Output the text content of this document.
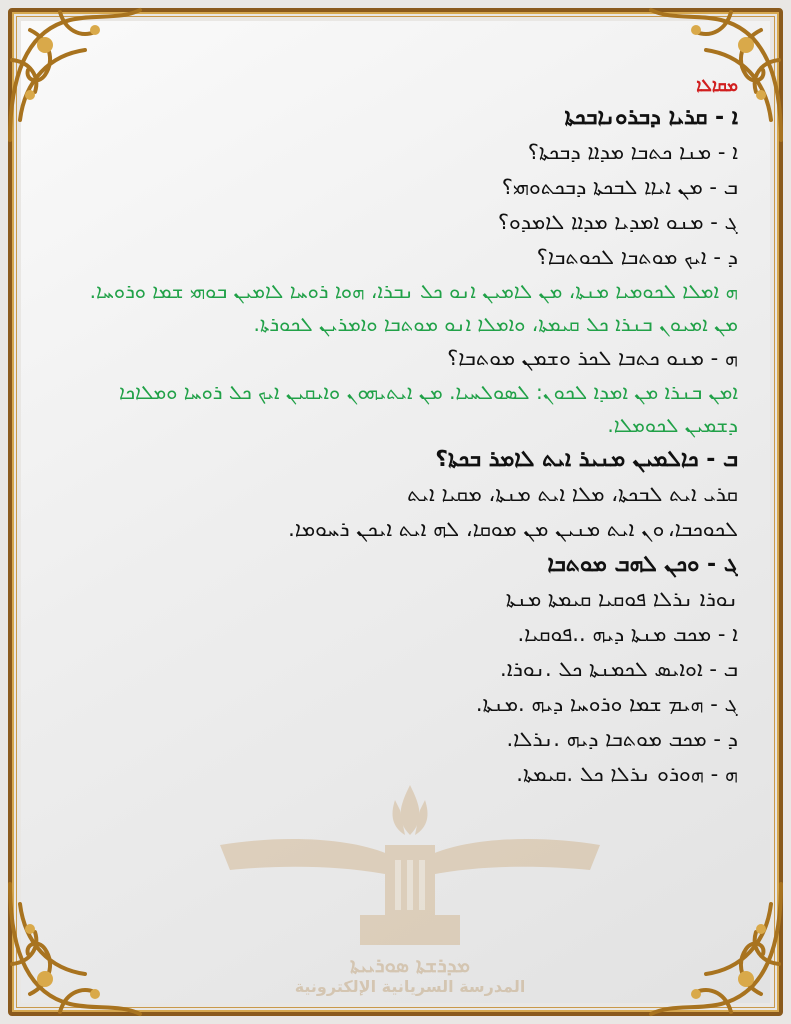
ܡܕܪܫܬܐ ܣܘܪܝܝܬܐ
المدرسة السريانية الإلكترونية

ܡܩܐܠܐ

ܐ - ܩܪܝܐ ܕܒܪܘܢܐܒܟܬܐ

ܐ - ܡܢܐ ܟܬܒܐ ܡܕܐܐ ܕܒܟܬܐ؟

ܒ - ܡܢ ܐܝܐܐ ܠܒܟܬܐ ܕܒܟܬܘܗܝ؟

ܓ - ܡܢܘ ܐܡܕܝܐ ܡܕܐܐ ܠܐܡܕܘ؟

ܕ - ܐܝܟ ܡܘܬܒܐ ܠܟܘܬܒܐ؟

ܗ ܐܡܠܐ ܠܟܘܡܝܐ ܡܢܬܐ، ܡܢ ܠܐܡܝܢ ܐܢܘ ܟܠ ܢܒܪܐ، ܗܘܐ ܪܘܚܐ ܠܐܡܝܢ ܒܘܗܝ ܫܡܐ ܘܪܘܚܐ.

ܡܢ ܐܡܝܘܢ ܒܢܪܐ ܟܠ ܩܝܡܬܐ، ܘܐܡܠܐ ܐܢܘ ܡܘܬܒܐ ܘܐܡܪܝܢ ܠܟܘܪܬܐ.

ܗ - ܡܢܘ ܟܬܒܐ ܠܟܪ ܘܫܡܢ ܡܘܬܒܐ؟

ܐܡܢ ܒܢܪܐ ܡܢ ܐܡܕܐ ܠܟܘܢ: ܠܣܘܠܚܝܐ. ܡܢ ܐܝܬܝܗܘܢ ܘܐܝܩܝܢ ܐܝܟ ܟܠ ܪܘܚܐ ܘܡܠܐܟܐ ܕܫܡܝܢ ܠܟܘܡܠܐ.

ܒ - ܟܐܠܡܝܢ ܡܢܝܪ ܐܝܬ ܠܐܡܪ ܒܟܬܐ؟

ܩܪܝ ܐܝܬ ܠܒܟܬܐ، ܡܠܐ ܐܝܬ ܡܢܬܐ، ܡܩܝܐ ܐܝܬ

ܠܟܘܟܒܐ، ܘܢ ܐܝܬ ܡܢܝܢ ܡܢ ܡܘܩܐ، ܠܗ ܐܝܬ ܐܝܟܢ ܪܚܘܡܐ.

ܓ - ܘܟܢ ܠܗܒ ܡܘܬܒܐ

ܢܘܪܐ ܢܪܠܐ ܦܘܩܝܐ ܩܝܡܬܐ ܡܢܬܐ

ܐ - ܡܟܒ ܡܢܬܐ ܕܝܗ ..ܦܘܩܝܐ.

ܒ - ܐܘܐܝܣ ܠܟܡܢܬܐ ܟܠ .ܢܘܪܐ.

ܓ - ܗܝܡ ܫܡܐ ܘܪܘܚܐ ܕܝܗ .ܡܢܬܐ.

ܕ - ܡܟܒ ܡܘܬܒܐ ܕܝܗ .ܢܪܠܐ.

ܗ - ܗܘܪܘ ܢܪܠܐ ܟܠ .ܩܝܡܬܐ.
